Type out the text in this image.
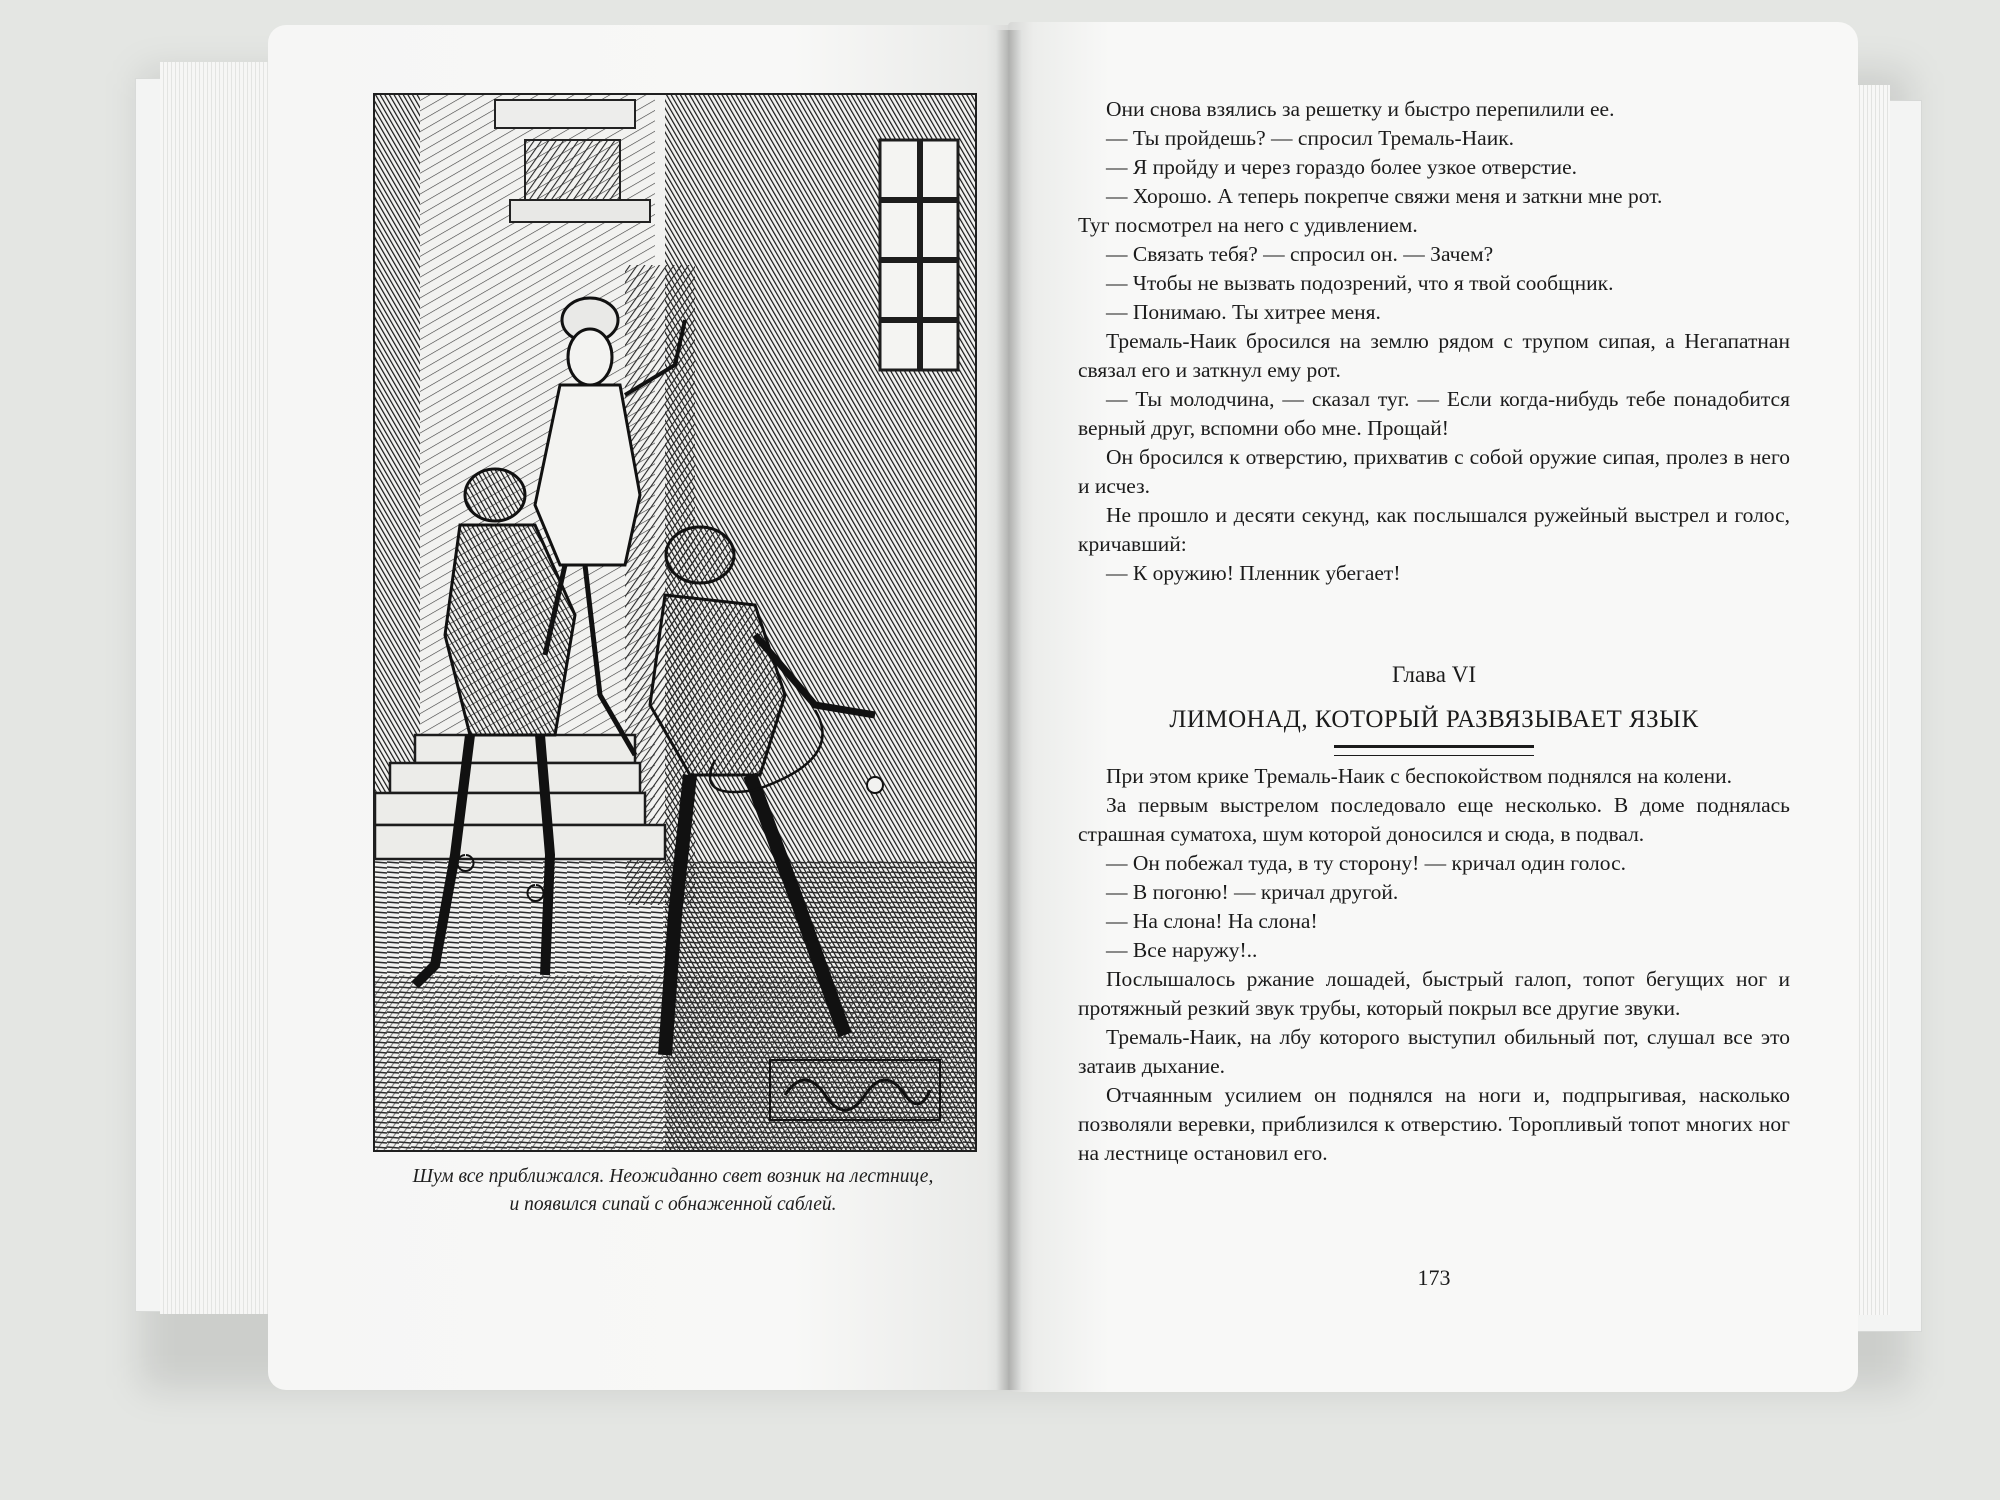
Шум все приближался. Неожиданно свет возник на лестнице,
и появился сипай с обнаженной саблей.

Они снова взялись за решетку и быстро перепилили ее.

— Ты пройдешь? — спросил Тремаль-Наик.

— Я пройду и через гораздо более узкое отверстие.

— Хорошо. А теперь покрепче свяжи меня и заткни мне рот.

Туг посмотрел на него с удивлением.

— Связать тебя? — спросил он. — Зачем?

— Чтобы не вызвать подозрений, что я твой сообщник.

— Понимаю. Ты хитрее меня.

Тремаль-Наик бросился на землю рядом с трупом сипая, а Негапатнан связал его и заткнул ему рот.

— Ты молодчина, — сказал туг. — Если когда-нибудь тебе понадобится верный друг, вспомни обо мне. Прощай!

Он бросился к отверстию, прихватив с собой оружие сипая, пролез в него и исчез.

Не прошло и десяти секунд, как послышался ружейный выстрел и голос, кричавший:

— К оружию! Пленник убегает!

Глава VI
ЛИМОНАД, КОТОРЫЙ РАЗВЯЗЫВАЕТ ЯЗЫК

При этом крике Тремаль-Наик с беспокойством поднялся на колени.

За первым выстрелом последовало еще несколько. В доме поднялась страшная суматоха, шум которой доносился и сюда, в подвал.

— Он побежал туда, в ту сторону! — кричал один голос.

— В погоню! — кричал другой.

— На слона! На слона!

— Все наружу!..

Послышалось ржание лошадей, быстрый галоп, топот бегущих ног и протяжный резкий звук трубы, который покрыл все другие звуки.

Тремаль-Наик, на лбу которого выступил обильный пот, слушал все это затаив дыхание.

Отчаянным усилием он поднялся на ноги и, подпрыгивая, насколько позволяли веревки, приблизился к отверстию. Торопливый топот многих ног на лестнице остановил его.

173
